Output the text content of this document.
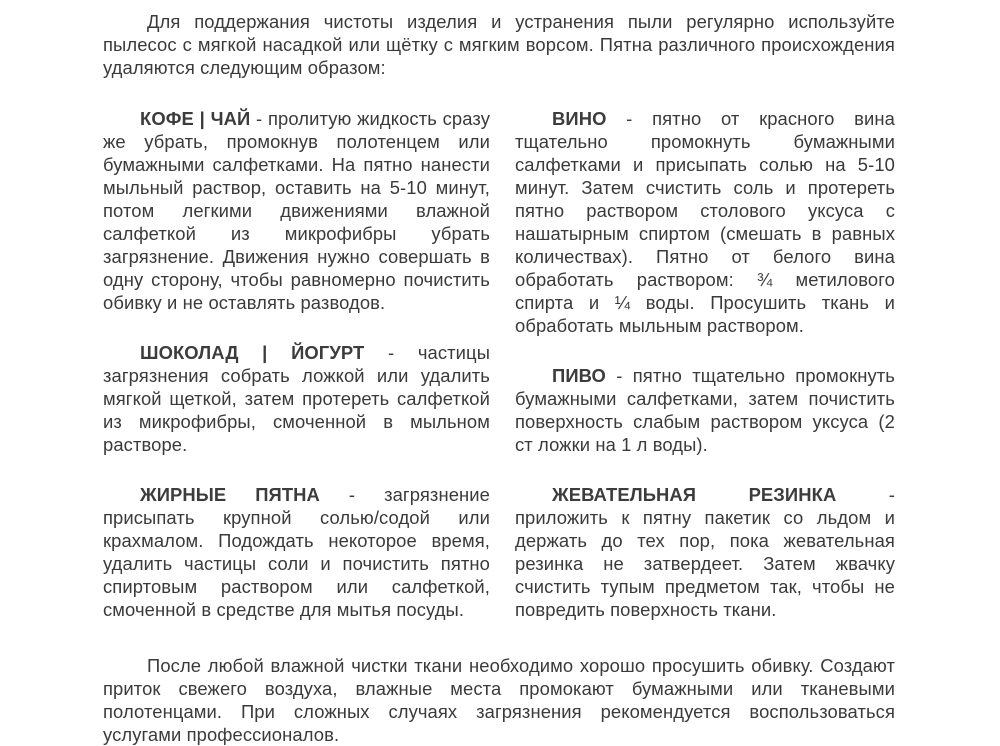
Для поддержания чистоты изделия и устранения пыли регулярно используйте пылесос с мягкой насадкой или щётку с мягким ворсом. Пятна различного происхождения удаляются следующим образом:

КОФЕ | ЧАЙ - пролитую жидкость сразу же убрать, промокнув полотенцем или бумажными салфетками. На пятно нанести мыльный раствор, оставить на 5-10 минут, потом легкими движениями влажной салфеткой из микрофибры убрать загрязнение. Движения нужно совершать в одну сторону, чтобы равномерно почистить обивку и не оставлять разводов.

ШОКОЛАД | ЙОГУРТ - частицы загрязнения собрать ложкой или удалить мягкой щеткой, затем протереть салфеткой из микрофибры, смоченной в мыльном растворе.

ЖИРНЫЕ ПЯТНА - загрязнение присыпать крупной солью/содой или крахмалом. Подождать некоторое время, удалить частицы соли и почистить пятно спиртовым раствором или салфеткой, смоченной в средстве для мытья посуды.

ВИНО - пятно от красного вина тщательно промокнуть бумажными салфетками и присыпать солью на 5-10 минут. Затем счистить соль и протереть пятно раствором столового уксуса с нашатырным спиртом (смешать в равных количествах). Пятно от белого вина обработать раствором: ¾ метилового спирта и ¼ воды. Просушить ткань и обработать мыльным раствором.

ПИВО - пятно тщательно промокнуть бумажными салфетками, затем почистить поверхность слабым раствором уксуса (2 ст ложки на 1 л воды).

ЖЕВАТЕЛЬНАЯ РЕЗИНКА - приложить к пятну пакетик со льдом и держать до тех пор, пока жевательная резинка не затвердеет. Затем жвачку счистить тупым предметом так, чтобы не повредить поверхность ткани.

После любой влажной чистки ткани необходимо хорошо просушить обивку. Создают приток свежего воздуха, влажные места промокают бумажными или тканевыми полотенцами. При сложных случаях загрязнения рекомендуется воспользоваться услугами профессионалов.
